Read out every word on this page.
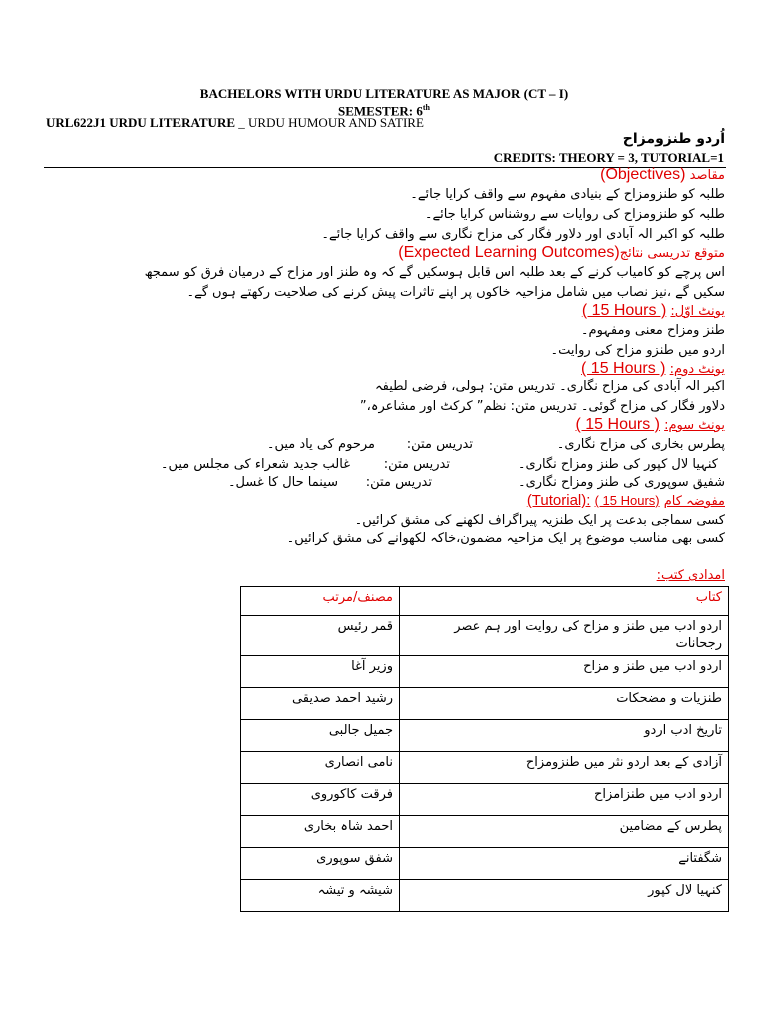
BACHELORS WITH URDU LITERATURE AS MAJOR (CT – I)
SEMESTER: 6th
URL622J1 URDU LITERATURE _ URDU HUMOUR AND SATIRE
اُردو طنزومزاح
CREDITS: THEORY = 3, TUTORIAL=1
مقاصد (Objectives)
طلبہ کو طنزومزاح کے بنیادی مفہوم سے واقف کرایا جائے۔
طلبہ کو طنزومزاح کی روایات سے روشناس کرایا جائے۔
طلبہ کو اکبر الہ آبادی اور دلاور فگار کی مزاح نگاری سے واقف کرایا جائے۔
متوقع تدریسی نتائج(Expected Learning Outcomes)
اس پرچے کو کامیاب کرنے کے بعد طلبہ اس قابل ہوسکیں گے کہ وہ طنز اور مزاح کے درمیان فرق کو سمجھ
سکیں گے ،نیز نصاب میں شامل مزاحیہ خاکوں پر اپنے تاثرات پیش کرنے کی صلاحیت رکھتے ہوں گے۔
یونٹ اوّل: ( 15 Hours )
طنز ومزاح معنی ومفہوم۔
اردو میں طنزو مزاح کی روایت۔
یونٹ دوم: ( 15 Hours )
اکبر الہ آبادی کی مزاح نگاری۔ تدریس متن: ہولی، فرضی لطیفہ
دلاور فگار کی مزاح گوئی۔ تدریس متن: نظم” کرکٹ اور مشاعرہ،”
یونٹ سوم: ( 15 Hours )
پطرس بخاری کی مزاح نگاری۔
تدریس متن:
مرحوم کی یاد میں۔
کنہیا لال کپور کی طنز ومزاح نگاری۔
تدریس متن:
غالب جدید شعراء کی مجلس میں۔
شفیق سوپوری کی طنز ومزاح نگاری۔
تدریس متن:
سینما حال کا غسل۔
مفوضہ کام (Tutorial): ( 15 Hours)
کسی سماجی بدعت پر ایک طنزیہ پیراگراف لکھنے کی مشق کرائیں۔
کسی بھی مناسب موضوع پر ایک مزاحیہ مضمون،خاکہ لکھوانے کی مشق کرائیں۔
امدادی کتب:
کتاب	مصنف/مرتب
اردو ادب میں طنز و مزاح کی روایت اور ہم عصر رجحانات	قمر رئیس
اردو ادب میں طنز و مزاح	وزیر آغا
طنزیات و مضحکات	رشید احمد صدیقی
تاریخ ادب اردو	جمیل جالبی
آزادی کے بعد اردو نثر میں طنزومزاح	نامی انصاری
اردو ادب میں طنزامزاح	فرقت کاکوروی
پطرس کے مضامین	احمد شاہ بخاری
شگفتانے	شفق سوپوری
کنہیا لال کپور	شیشہ و تیشہ
